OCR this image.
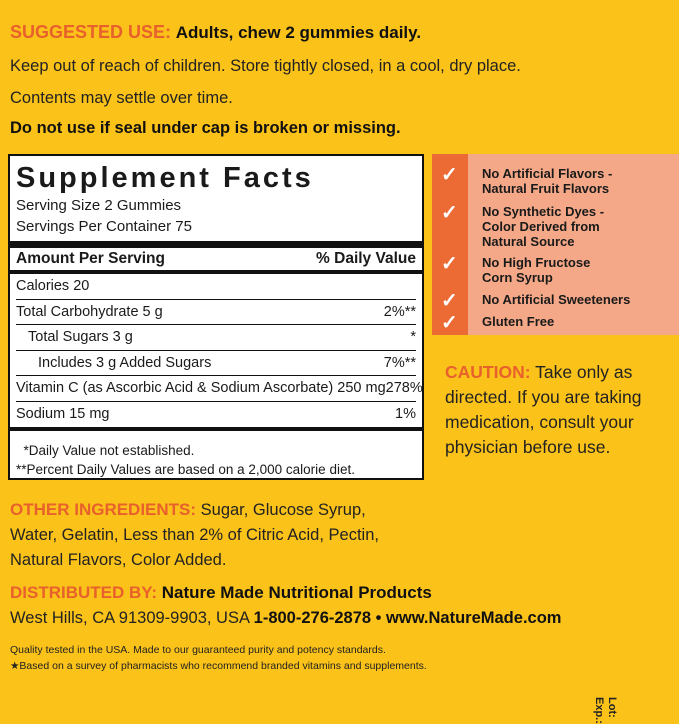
SUGGESTED USE: Adults, chew 2 gummies daily.
Keep out of reach of children. Store tightly closed, in a cool, dry place.
Contents may settle over time.
Do not use if seal under cap is broken or missing.
Supplement Facts
Serving Size 2 Gummies
Servings Per Container 75
Amount Per Serving	% Daily Value
Calories 20
Total Carbohydrate 5 g	2%**
Total Sugars 3 g	*
Includes 3 g Added Sugars	7%**
Vitamin C (as Ascorbic Acid & Sodium Ascorbate) 250 mg 278%
Sodium 15 mg	1%
*Daily Value not established.
**Percent Daily Values are based on a 2,000 calorie diet.
✓ No Artificial Flavors -
Natural Fruit Flavors
✓ No Synthetic Dyes -
Color Derived from
Natural Source
✓ No High Fructose
Corn Syrup
✓ No Artificial Sweeteners
✓ Gluten Free
CAUTION: Take only as directed. If you are taking medication, consult your physician before use.
OTHER INGREDIENTS: Sugar, Glucose Syrup, Water, Gelatin, Less than 2% of Citric Acid, Pectin, Natural Flavors, Color Added.
DISTRIBUTED BY: Nature Made Nutritional Products
West Hills, CA 91309-9903, USA 1-800-276-2878 • www.NatureMade.com
Quality tested in the USA. Made to our guaranteed purity and potency standards.
★Based on a survey of pharmacists who recommend branded vitamins and supplements.
Lot:
Exp.:
